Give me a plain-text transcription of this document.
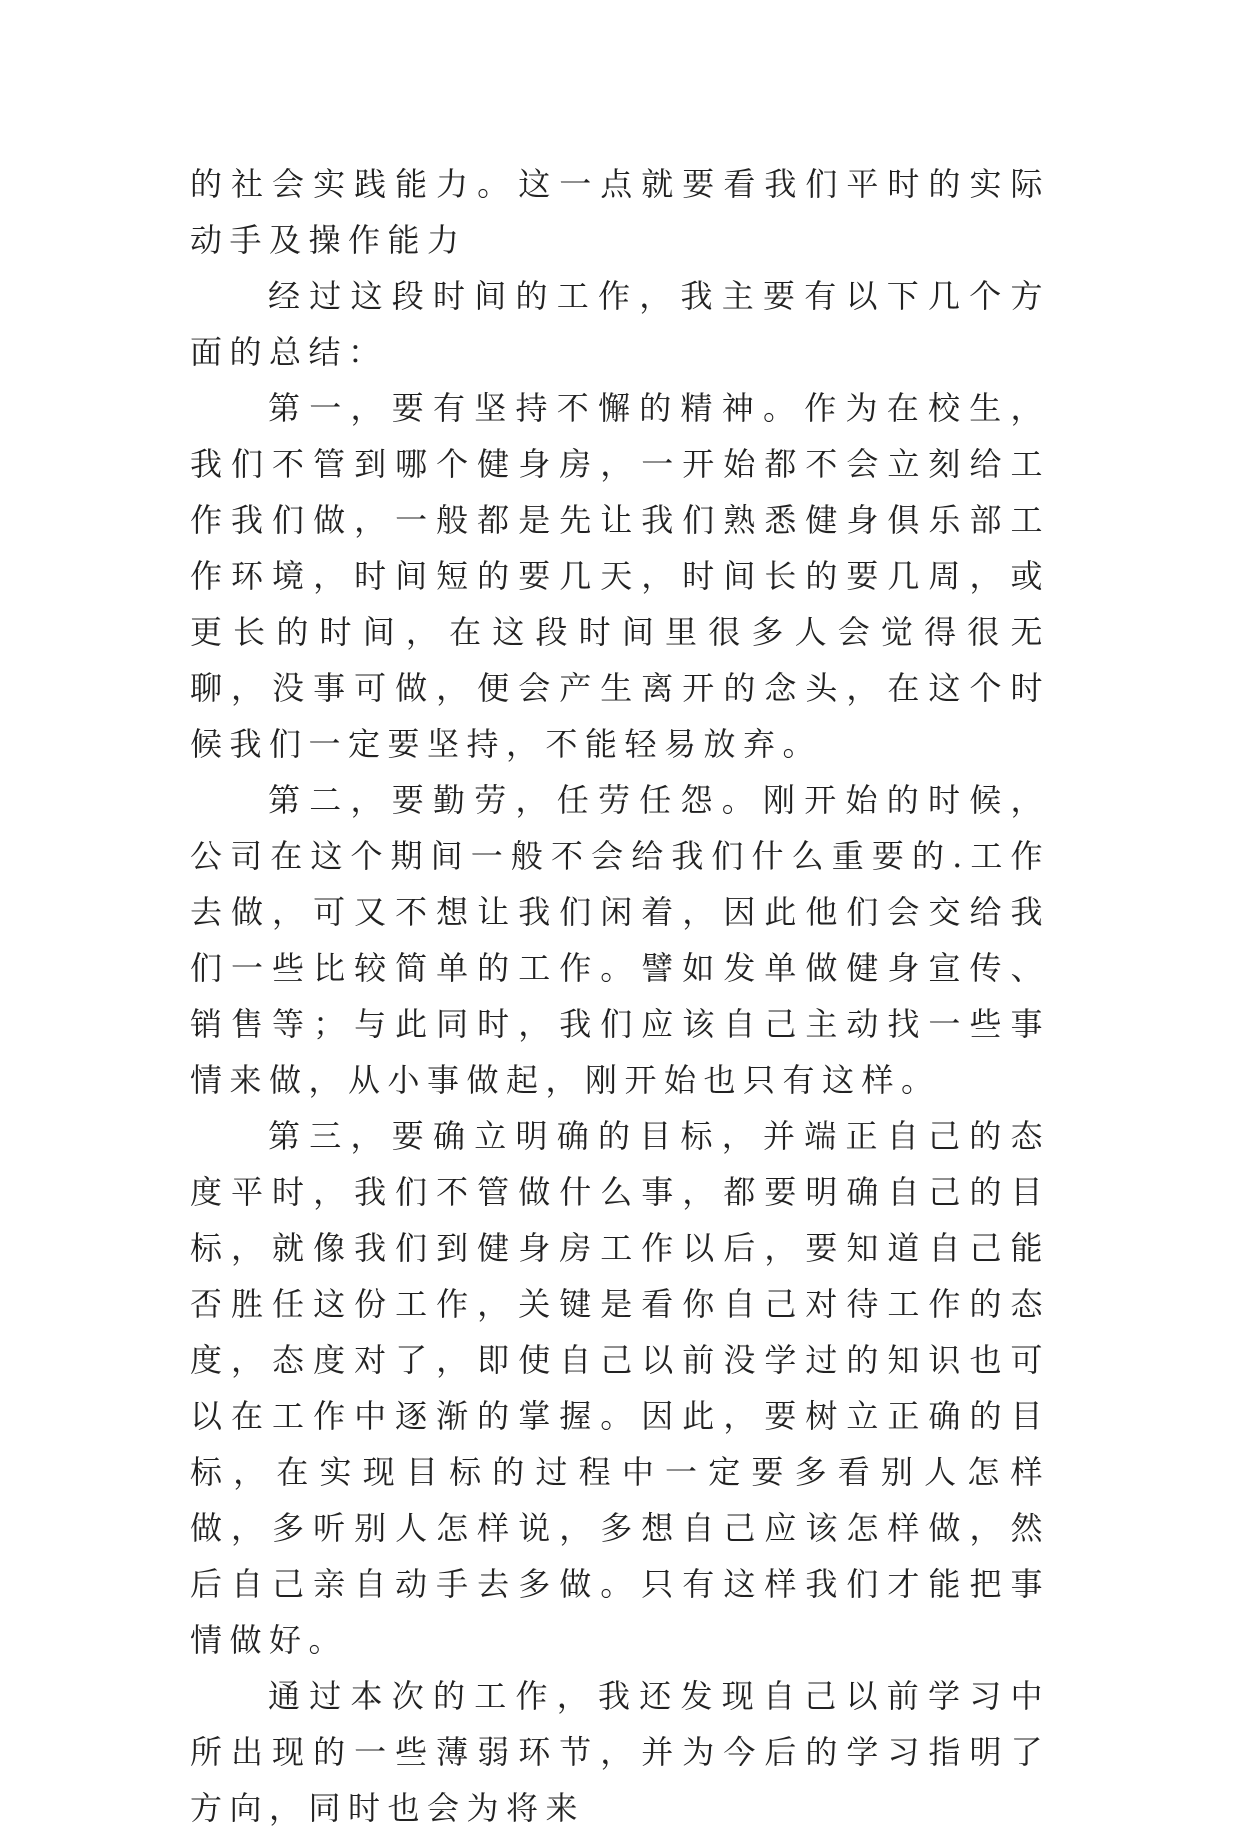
的社会实践能力。这一点就要看我们平时的实际动手及操作能力

经过这段时间的工作，我主要有以下几个方面的总结：

第一，要有坚持不懈的精神。作为在校生，我们不管到哪个健身房，一开始都不会立刻给工作我们做，一般都是先让我们熟悉健身俱乐部工作环境，时间短的要几天，时间长的要几周，或更长的时间，在这段时间里很多人会觉得很无聊，没事可做，便会产生离开的念头，在这个时候我们一定要坚持，不能轻易放弃。

第二，要勤劳，任劳任怨。刚开始的时候，公司在这个期间一般不会给我们什么重要的.工作去做，可又不想让我们闲着，因此他们会交给我们一些比较简单的工作。譬如发单做健身宣传、销售等；与此同时，我们应该自己主动找一些事情来做，从小事做起，刚开始也只有这样。

第三，要确立明确的目标，并端正自己的态度平时，我们不管做什么事，都要明确自己的目标，就像我们到健身房工作以后，要知道自己能否胜任这份工作，关键是看你自己对待工作的态度，态度对了，即使自己以前没学过的知识也可以在工作中逐渐的掌握。因此，要树立正确的目标，在实现目标的过程中一定要多看别人怎样做，多听别人怎样说，多想自己应该怎样做，然后自己亲自动手去多做。只有这样我们才能把事情做好。

通过本次的工作，我还发现自己以前学习中所出现的一些薄弱环节，并为今后的学习指明了方向，同时也会为将来
